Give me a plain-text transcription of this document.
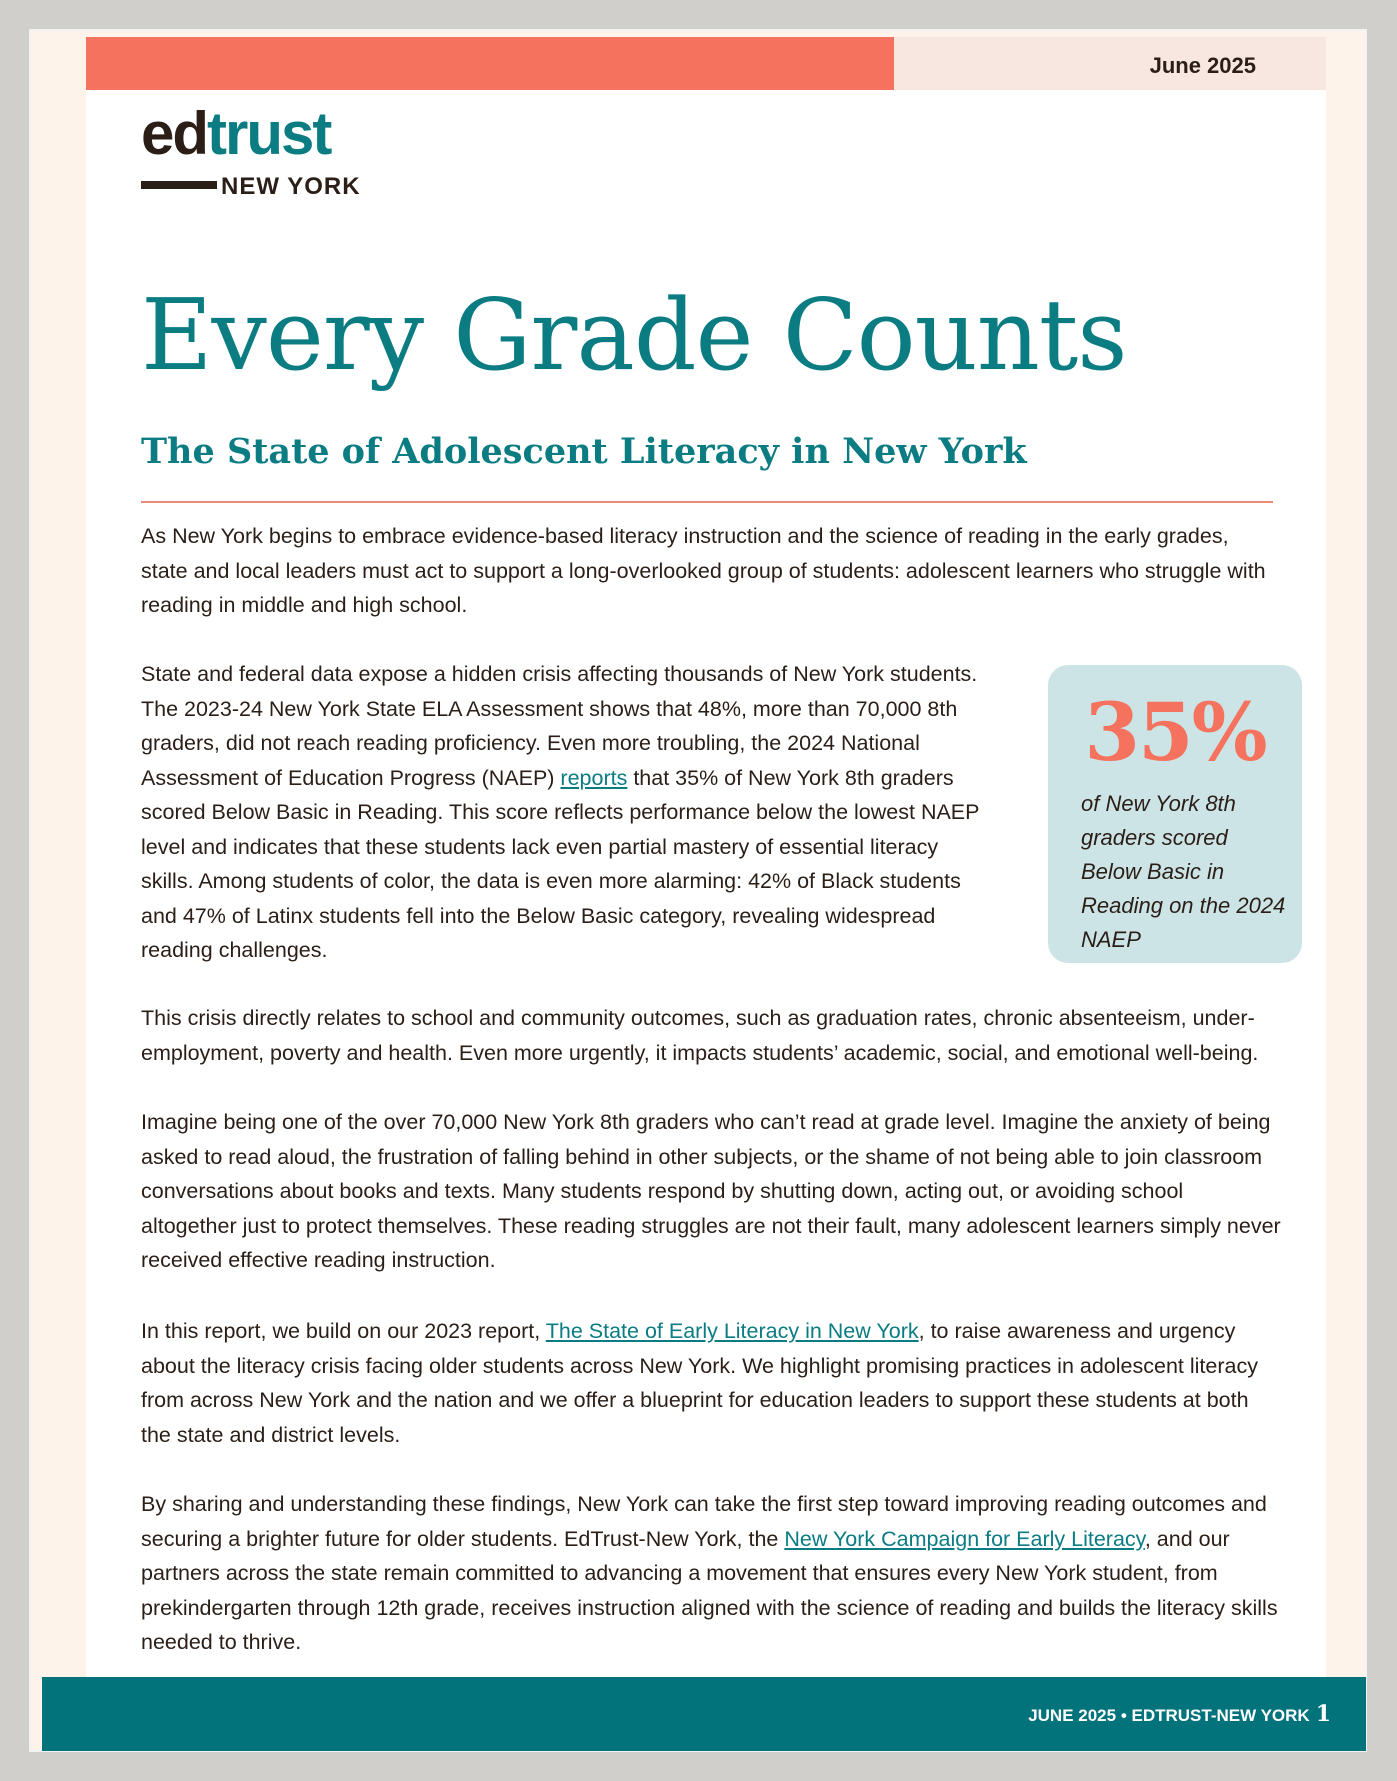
June 2025
edtrust
NEW YORK
Every Grade Counts
The State of Adolescent Literacy in New York

As New York begins to embrace evidence-based literacy instruction and the science of reading in the early grades, state and local leaders must act to support a long-overlooked group of students: adolescent learners who struggle with reading in middle and high school.

State and federal data expose a hidden crisis affecting thousands of New York students. The 2023-24 New York State ELA Assessment shows that 48%, more than 70,000 8th graders, did not reach reading proficiency. Even more troubling, the 2024 National Assessment of Education Progress (NAEP) reports that 35% of New York 8th graders scored Below Basic in Reading. This score reflects performance below the lowest NAEP level and indicates that these students lack even partial mastery of essential literacy skills. Among students of color, the data is even more alarming: 42% of Black students and 47% of Latinx students fell into the Below Basic category, revealing widespread reading challenges.

35%
of New York 8th graders scored Below Basic in Reading on the 2024 NAEP

This crisis directly relates to school and community outcomes, such as graduation rates, chronic absenteeism, under-employment, poverty and health. Even more urgently, it impacts students’ academic, social, and emotional well-being.

Imagine being one of the over 70,000 New York 8th graders who can’t read at grade level. Imagine the anxiety of being asked to read aloud, the frustration of falling behind in other subjects, or the shame of not being able to join classroom conversations about books and texts. Many students respond by shutting down, acting out, or avoiding school altogether just to protect themselves. These reading struggles are not their fault, many adolescent learners simply never received effective reading instruction.

In this report, we build on our 2023 report, The State of Early Literacy in New York, to raise awareness and urgency about the literacy crisis facing older students across New York. We highlight promising practices in adolescent literacy from across New York and the nation and we offer a blueprint for education leaders to support these students at both the state and district levels.

By sharing and understanding these findings, New York can take the first step toward improving reading outcomes and securing a brighter future for older students. EdTrust-New York, the New York Campaign for Early Literacy, and our partners across the state remain committed to advancing a movement that ensures every New York student, from prekindergarten through 12th grade, receives instruction aligned with the science of reading and builds the literacy skills needed to thrive.

JUNE 2025 • EDTRUST-NEW YORK 1
